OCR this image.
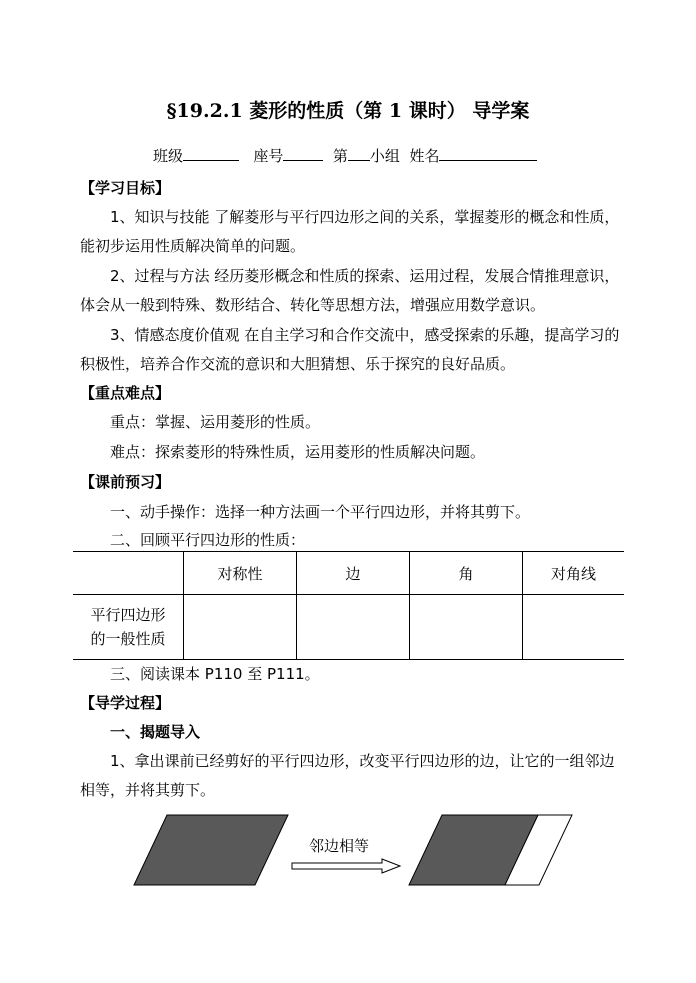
§19.2.1 菱形的性质（第 1 课时） 导学案
班级	座号	第 小组 姓名
【学习目标】
1、知识与技能 了解菱形与平行四边形之间的关系，掌握菱形的概念和性质，能初步运用性质解决简单的问题。
2、过程与方法 经历菱形概念和性质的探索、运用过程，发展合情推理意识，体会从一般到特殊、数形结合、转化等思想方法，增强应用数学意识。
3、情感态度价值观 在自主学习和合作交流中，感受探索的乐趣，提高学习的积极性，培养合作交流的意识和大胆猜想、乐于探究的良好品质。
【重点难点】
重点：掌握、运用菱形的性质。
难点：探索菱形的特殊性质，运用菱形的性质解决问题。
【课前预习】
一、动手操作：选择一种方法画一个平行四边形，并将其剪下。
二、回顾平行四边形的性质：
	对称性	边	角	对角线
平行四边形
的一般性质				
三、阅读课本 P110 至 P111。
【导学过程】
一、揭题导入
1、拿出课前已经剪好的平行四边形，改变平行四边形的边，让它的一组邻边相等，并将其剪下。
邻边相等
